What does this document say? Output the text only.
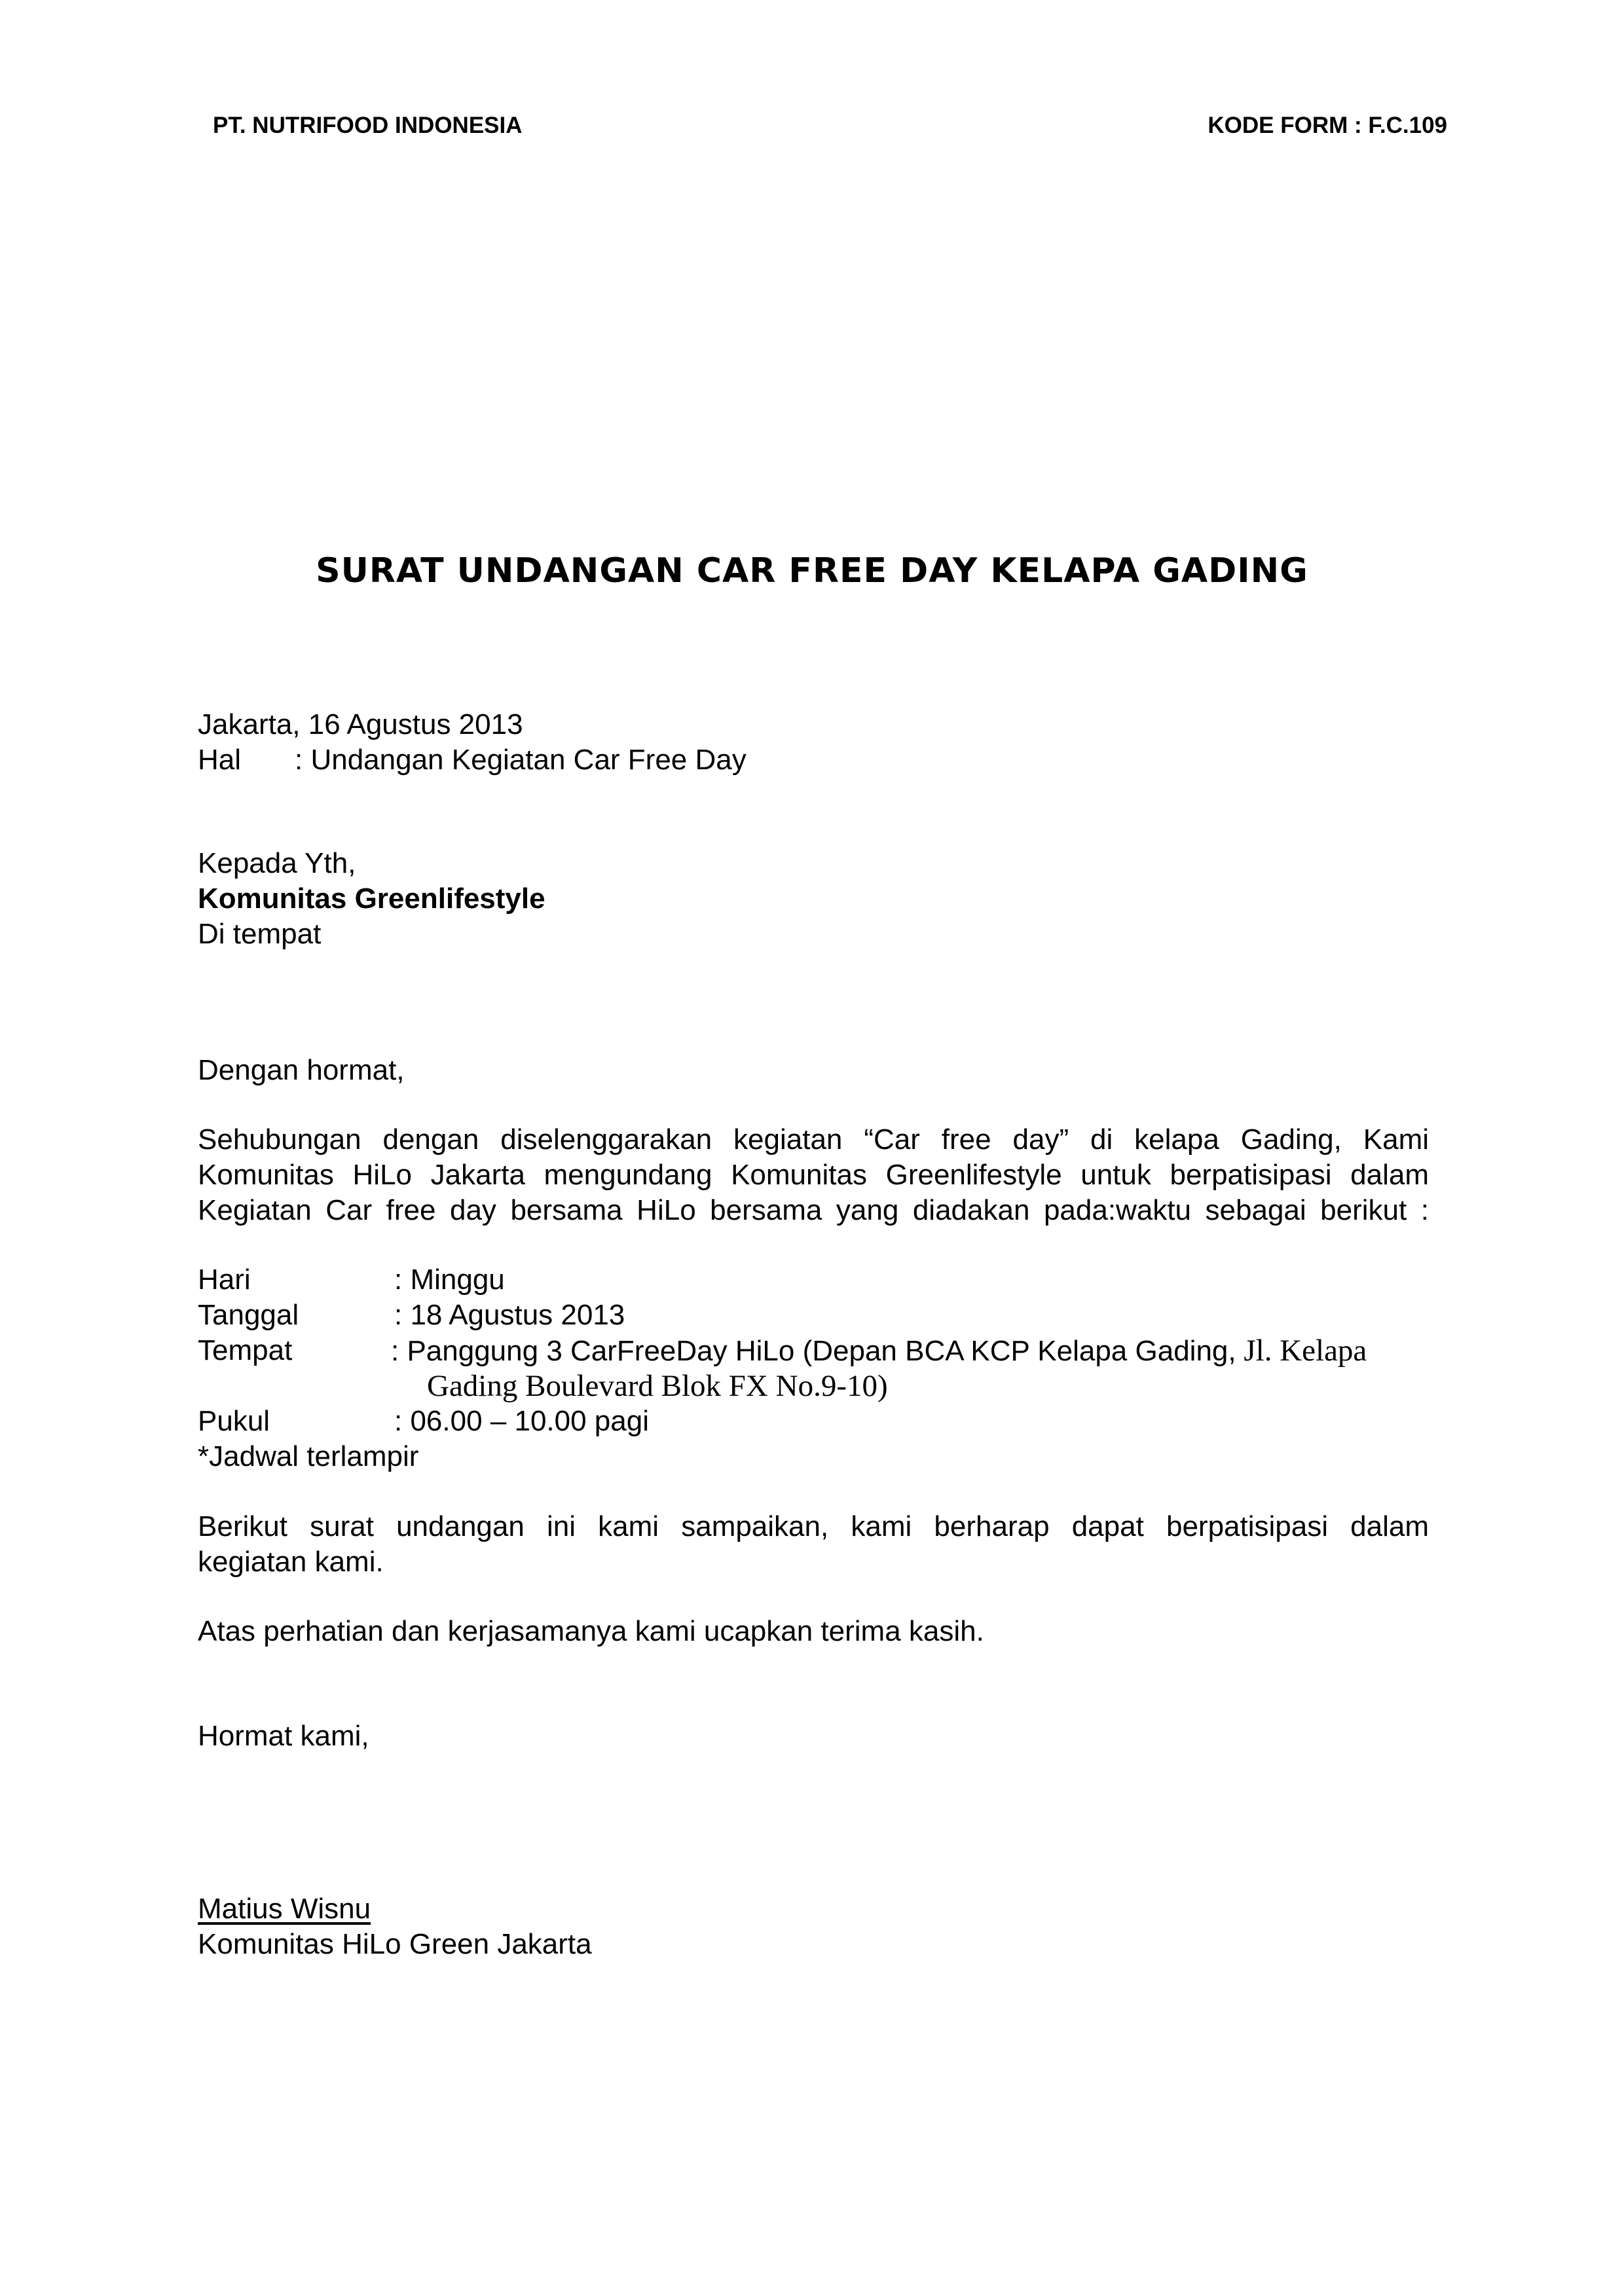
PT. NUTRIFOOD INDONESIA	KODE FORM : F.C.109
SURAT UNDANGAN CAR FREE DAY KELAPA GADING
Jakarta, 16 Agustus 2013
Hal : Undangan Kegiatan Car Free Day
Kepada Yth,
Komunitas Greenlifestyle
Di tempat
Dengan hormat,
Sehubungan dengan diselenggarakan kegiatan “Car free day” di kelapa Gading, Kami
Komunitas HiLo Jakarta mengundang Komunitas Greenlifestyle untuk berpatisipasi dalam
Kegiatan Car free day bersama HiLo bersama yang diadakan pada:waktu sebagai berikut :
Hari	: Minggu
Tanggal	: 18 Agustus 2013
Tempat	: Panggung 3 CarFreeDay HiLo (Depan BCA KCP Kelapa Gading, Jl. Kelapa
Gading Boulevard Blok FX No.9-10)
Pukul	: 06.00 – 10.00 pagi
*Jadwal terlampir
Berikut surat undangan ini kami sampaikan, kami berharap dapat berpatisipasi dalam
kegiatan kami.
Atas perhatian dan kerjasamanya kami ucapkan terima kasih.
Hormat kami,
Matius Wisnu
Komunitas HiLo Green Jakarta
